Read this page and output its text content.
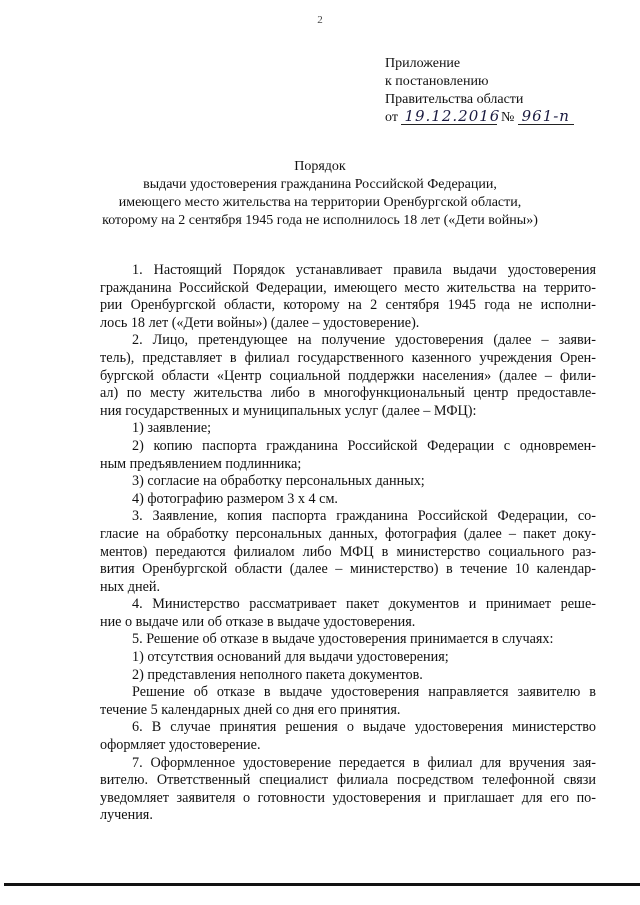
2
Приложение
к постановлению
Правительства области
от 19.12.2016 № 961-п
Порядок
выдачи удостоверения гражданина Российской Федерации,
имеющего место жительства на территории Оренбургской области,
которому на 2 сентября 1945 года не исполнилось 18 лет («Дети войны»)
1. Настоящий Порядок устанавливает правила выдачи удостоверения
гражданина Российской Федерации, имеющего место жительства на террито-
рии Оренбургской области, которому на 2 сентября 1945 года не исполни-
лось 18 лет («Дети войны») (далее – удостоверение).
2. Лицо, претендующее на получение удостоверения (далее – заяви-
тель), представляет в филиал государственного казенного учреждения Орен-
бургской области «Центр социальной поддержки населения» (далее – фили-
ал) по месту жительства либо в многофункциональный центр предоставле-
ния государственных и муниципальных услуг (далее – МФЦ):
1) заявление;
2) копию паспорта гражданина Российской Федерации с одновремен-
ным предъявлением подлинника;
3) согласие на обработку персональных данных;
4) фотографию размером 3 х 4 см.
3. Заявление, копия паспорта гражданина Российской Федерации, со-
гласие на обработку персональных данных, фотография (далее – пакет доку-
ментов) передаются филиалом либо МФЦ в министерство социального раз-
вития Оренбургской области (далее – министерство) в течение 10 календар-
ных дней.
4. Министерство рассматривает пакет документов и принимает реше-
ние о выдаче или об отказе в выдаче удостоверения.
5. Решение об отказе в выдаче удостоверения принимается в случаях:
1) отсутствия оснований для выдачи удостоверения;
2) представления неполного пакета документов.
Решение об отказе в выдаче удостоверения направляется заявителю в
течение 5 календарных дней со дня его принятия.
6. В случае принятия решения о выдаче удостоверения министерство
оформляет удостоверение.
7. Оформленное удостоверение передается в филиал для вручения зая-
вителю. Ответственный специалист филиала посредством телефонной связи
уведомляет заявителя о готовности удостоверения и приглашает для его по-
лучения.
